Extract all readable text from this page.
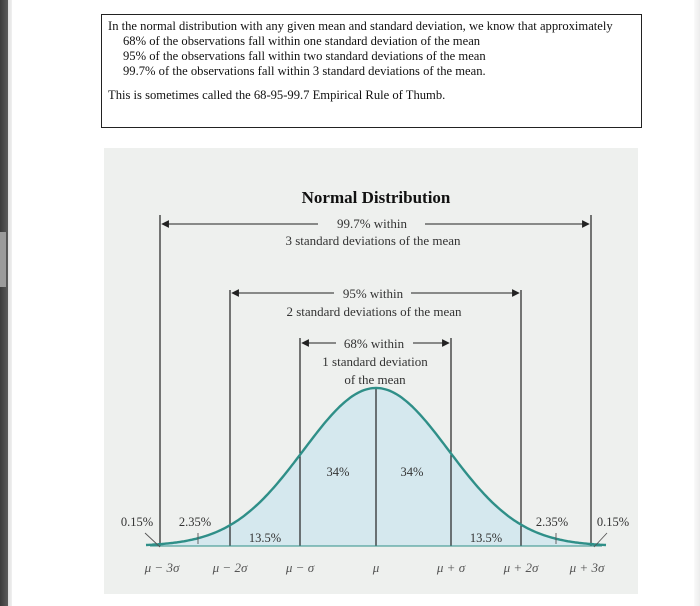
In the normal distribution with any given mean and standard deviation, we know that approximately

68% of the observations fall within one standard deviation of the mean

95% of the observations fall within two standard deviations of the mean

99.7% of the observations fall within 3 standard deviations of the mean.

This is sometimes called the 68-95-99.7 Empirical Rule of Thumb.

Normal Distribution
99.7% within
3 standard deviations of the mean
95% within
2 standard deviations of the mean
68% within
1 standard deviation
of the mean
34%	34%
13.5%	13.5%
2.35%	2.35%
0.15%	0.15%
μ − 3σ	μ − 2σ	μ − σ	μ	μ + σ	μ + 2σ μ + 3σ
